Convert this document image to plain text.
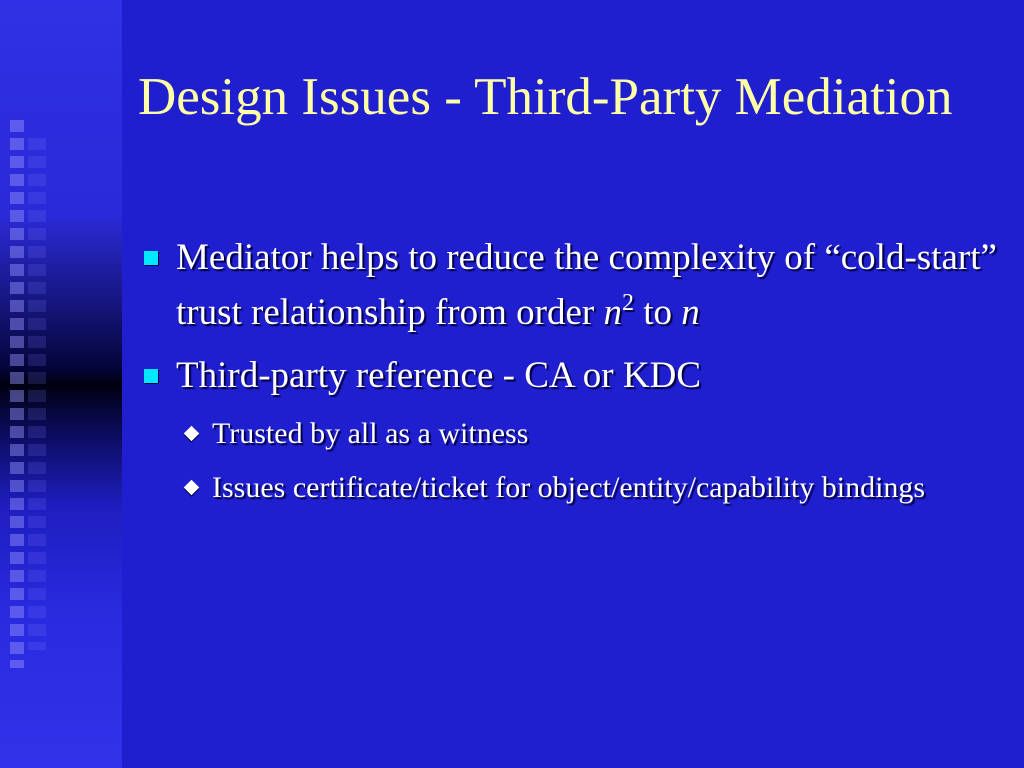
Design Issues - Third-Party Mediation
Mediator helps to reduce the complexity of “cold-start” trust relationship from order $n^2$ to n
Third-party reference - CA or KDC
Trusted by all as a witness
Issues certificate/ticket for object/entity/capability bindings
